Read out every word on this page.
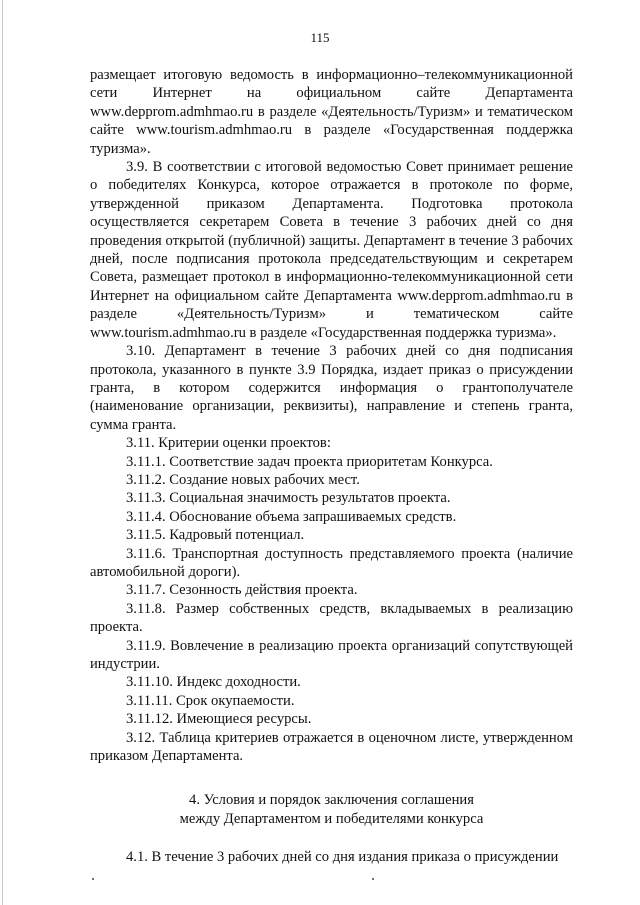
115

размещает итоговую ведомость в информационно–телекоммуникационной сети Интернет на официальном сайте Департамента www.depprom.admhmao.ru в разделе «Деятельность/Туризм» и тематическом сайте www.tourism.admhmao.ru в разделе «Государственная поддержка туризма».

3.9. В соответствии с итоговой ведомостью Совет принимает решение о победителях Конкурса, которое отражается в протоколе по форме, утвержденной приказом Департамента. Подготовка протокола осуществляется секретарем Совета в течение 3 рабочих дней со дня проведения открытой (публичной) защиты. Департамент в течение 3 рабочих дней, после подписания протокола председательствующим и секретарем Совета, размещает протокол в информационно-телекоммуникационной сети Интернет на официальном сайте Департамента www.depprom.admhmao.ru в разделе «Деятельность/Туризм» и тематическом сайте www.tourism.admhmao.ru в разделе «Государственная поддержка туризма».

3.10. Департамент в течение 3 рабочих дней со дня подписания протокола, указанного в пункте 3.9 Порядка, издает приказ о присуждении гранта, в котором содержится информация о грантополучателе (наименование организации, реквизиты), направление и степень гранта, сумма гранта.

3.11. Критерии оценки проектов:

3.11.1. Соответствие задач проекта приоритетам Конкурса.

3.11.2. Создание новых рабочих мест.

3.11.3. Социальная значимость результатов проекта.

3.11.4. Обоснование объема запрашиваемых средств.

3.11.5. Кадровый потенциал.

3.11.6. Транспортная доступность представляемого проекта (наличие автомобильной дороги).

3.11.7. Сезонность действия проекта.

3.11.8. Размер собственных средств, вкладываемых в реализацию проекта.

3.11.9. Вовлечение в реализацию проекта организаций сопутствующей индустрии.

3.11.10. Индекс доходности.

3.11.11. Срок окупаемости.

3.11.12. Имеющиеся ресурсы.

3.12. Таблица критериев отражается в оценочном листе, утвержденном приказом Департамента.

4. Условия и порядок заключения соглашения
между Департаментом и победителями конкурса

4.1. В течение 3 рабочих дней со дня издания приказа о присуждении
